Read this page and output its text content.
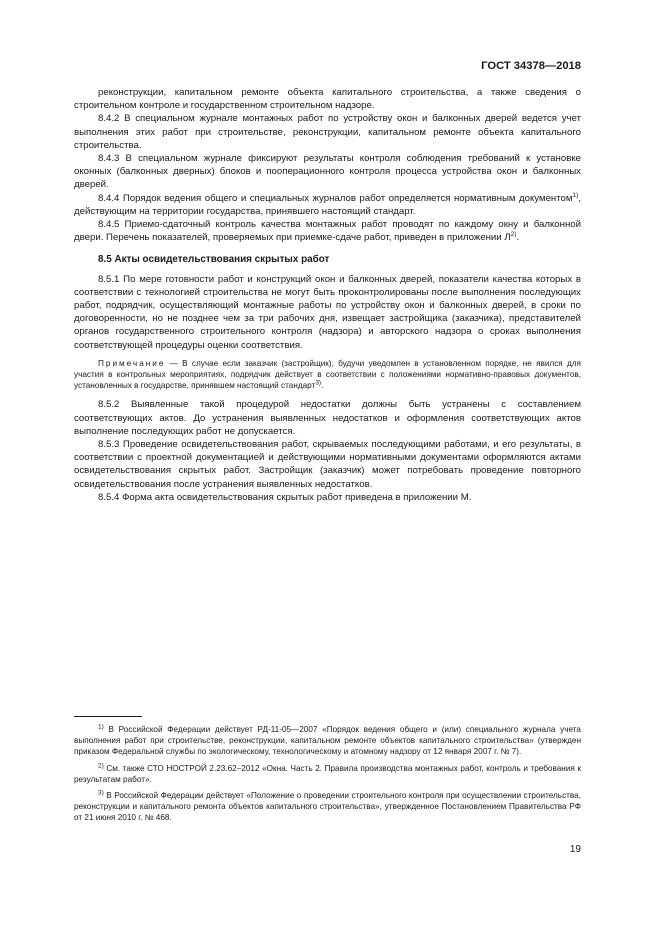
ГОСТ 34378—2018

реконструкции, капитальном ремонте объекта капитального строительства, а также сведения о строительном контроле и государственном строительном надзоре.

8.4.2 В специальном журнале монтажных работ по устройству окон и балконных дверей ведется учет выполнения этих работ при строительстве, реконструкции, капитальном ремонте объекта капитального строительства.

8.4.3 В специальном журнале фиксируют результаты контроля соблюдения требований к установке оконных (балконных дверных) блоков и пооперационного контроля процесса устройства окон и балконных дверей.

8.4.4 Порядок ведения общего и специальных журналов работ определяется нормативным документом$^{1)}$, действующим на территории государства, принявшего настоящий стандарт.

8.4.5 Приемо-сдаточный контроль качества монтажных работ проводят по каждому окну и балконной двери. Перечень показателей, проверяемых при приемке-сдаче работ, приведен в приложении $Л^{2)}$.

8.5 Акты освидетельствования скрытых работ

8.5.1 По мере готовности работ и конструкций окон и балконных дверей, показатели качества которых в соответствии с технологией строительства не могут быть проконтролированы после выполнения последующих работ, подрядчик, осуществляющий монтажные работы по устройству окон и балконных дверей, в сроки по договоренности, но не позднее чем за три рабочих дня, извещает застройщика (заказчика), представителей органов государственного строительного контроля (надзора) и авторского надзора о сроках выполнения соответствующей процедуры оценки соответствия.

Примечание — В случае если заказчик (застройщик), будучи уведомлен в установленном порядке, не явился для участия в контрольных мероприятиях, подрядчик действует в соответствии с положениями нормативно-правовых документов, установленных в государстве, принявшем настоящий стандарт$^{3)}$.

8.5.2 Выявленные такой процедурой недостатки должны быть устранены с составлением соответствующих актов. До устранения выявленных недостатков и оформления соответствующих актов выполнение последующих работ не допускается.

8.5.3 Проведение освидетельствования работ, скрываемых последующими работами, и его результаты, в соответствии с проектной документацией и действующими нормативными документами оформляются актами освидетельствования скрытых работ. Застройщик (заказчик) может потребовать проведение повторного освидетельствования после устранения выявленных недостатков.

8.5.4 Форма акта освидетельствования скрытых работ приведена в приложении М.

$^{1)}$ В Российской Федерации действует РД-11-05—2007 «Порядок ведения общего и (или) специального журнала учета выполнения работ при строительстве, реконструкции, капитальном ремонте объектов капитального строительства» (утвержден приказом Федеральной службы по экологическому, технологическому и атомному надзору от 12 января 2007 г. № 7).

$^{2)}$ См. также СТО НОСТРОЙ 2.23.62–2012 «Окна. Часть 2. Правила производства монтажных работ, контроль и требования к результатам работ».

$^{3)}$ В Российской Федерации действует «Положение о проведении строительного контроля при осуществлении строительства, реконструкции и капитального ремонта объектов капитального строительства», утвержденное Постановлением Правительства РФ от 21 июня 2010 г. № 468.

19
